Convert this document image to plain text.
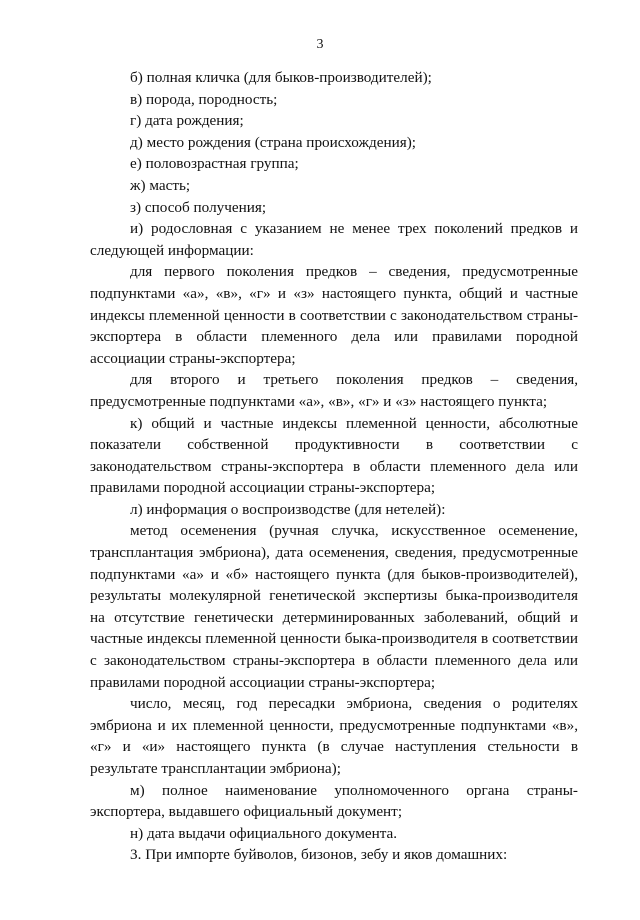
3

б) полная кличка (для быков-производителей);

в) порода, породность;

г) дата рождения;

д) место рождения (страна происхождения);

е) половозрастная группа;

ж) масть;

з) способ получения;

и) родословная с указанием не менее трех поколений предков и следующей информации:

для первого поколения предков – сведения, предусмотренные подпунктами «а», «в», «г» и «з» настоящего пункта, общий и частные индексы племенной ценности в соответствии с законодательством страны-экспортера в области племенного дела или правилами породной ассоциации страны-экспортера;

для второго и третьего поколения предков – сведения, предусмотренные подпунктами «а», «в», «г» и «з» настоящего пункта;

к) общий и частные индексы племенной ценности, абсолютные показатели собственной продуктивности в соответствии с законодательством страны-экспортера в области племенного дела или правилами породной ассоциации страны-экспортера;

л) информация о воспроизводстве (для нетелей):

метод осеменения (ручная случка, искусственное осеменение, трансплантация эмбриона), дата осеменения, сведения, предусмотренные подпунктами «а» и «б» настоящего пункта (для быков-производителей), результаты молекулярной генетической экспертизы быка-производителя на отсутствие генетически детерминированных заболеваний, общий и частные индексы племенной ценности быка-производителя в соответствии с законодательством страны-экспортера в области племенного дела или правилами породной ассоциации страны-экспортера;

число, месяц, год пересадки эмбриона, сведения о родителях эмбриона и их племенной ценности, предусмотренные подпунктами «в», «г» и «и» настоящего пункта (в случае наступления стельности в результате трансплантации эмбриона);

м) полное наименование уполномоченного органа страны-экспортера, выдавшего официальный документ;

н) дата выдачи официального документа.

3. При импорте буйволов, бизонов, зебу и яков домашних:
